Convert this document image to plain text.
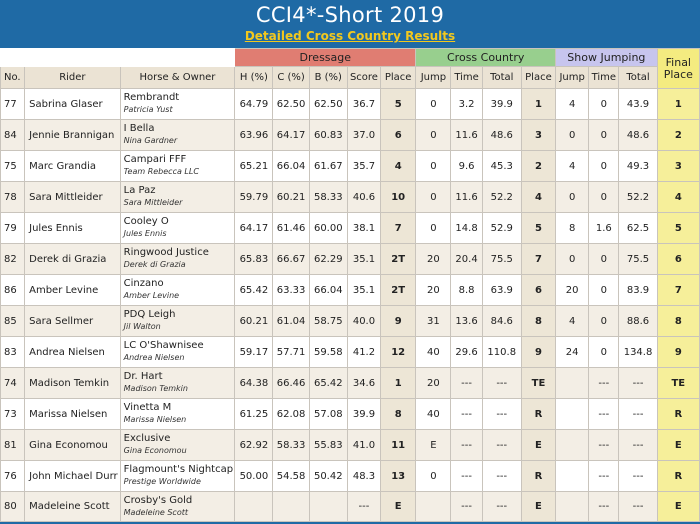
CCI4*-Short 2019
Detailed Cross Country Results
			Dressage					Cross Country				Show Jumping			Final Place
No.	Rider	Horse & Owner	H (%)	C (%)	B (%)	Score	Place	Jump	Time	Total	Place	Jump	Time	Total	
77	Sabrina Glaser	Rembrandt
Patricia Yust	64.79	62.50	62.50	36.7	5	0	3.2	39.9	1	4	0	43.9	1
84	Jennie Brannigan	I Bella
Nina Gardner	63.96	64.17	60.83	37.0	6	0	11.6	48.6	3	0	0	48.6	2
75	Marc Grandia	Campari FFF
Team Rebecca LLC	65.21	66.04	61.67	35.7	4	0	9.6	45.3	2	4	0	49.3	3
78	Sara Mittleider	La Paz
Sara Mittleider	59.79	60.21	58.33	40.6	10	0	11.6	52.2	4	0	0	52.2	4
79	Jules Ennis	Cooley O
Jules Ennis	64.17	61.46	60.00	38.1	7	0	14.8	52.9	5	8	1.6	62.5	5
82	Derek di Grazia	Ringwood Justice
Derek di Grazia	65.83	66.67	62.29	35.1	2T	20	20.4	75.5	7	0	0	75.5	6
86	Amber Levine	Cinzano
Amber Levine	65.42	63.33	66.04	35.1	2T	20	8.8	63.9	6	20	0	83.9	7
85	Sara Sellmer	PDQ Leigh
Jil Walton	60.21	61.04	58.75	40.0	9	31	13.6	84.6	8	4	0	88.6	8
83	Andrea Nielsen	LC O'Shawnisee
Andrea Nielsen	59.17	57.71	59.58	41.2	12	40	29.6	110.8	9	24	0	134.8	9
74	Madison Temkin	Dr. Hart
Madison Temkin	64.38	66.46	65.42	34.6	1	20	---	---	TE		---	---	TE
73	Marissa Nielsen	Vinetta M
Marissa Nielsen	61.25	62.08	57.08	39.9	8	40	---	---	R		---	---	R
81	Gina Economou	Exclusive
Gina Economou	62.92	58.33	55.83	41.0	11	E	---	---	E		---	---	E
76	John Michael Durr	Flagmount's Nightcap
Prestige Worldwide	50.00	54.58	50.42	48.3	13	0	---	---	R		---	---	R
80	Madeleine Scott	Crosby's Gold
Madeleine Scott				---	E		---	---	E		---	---	E
